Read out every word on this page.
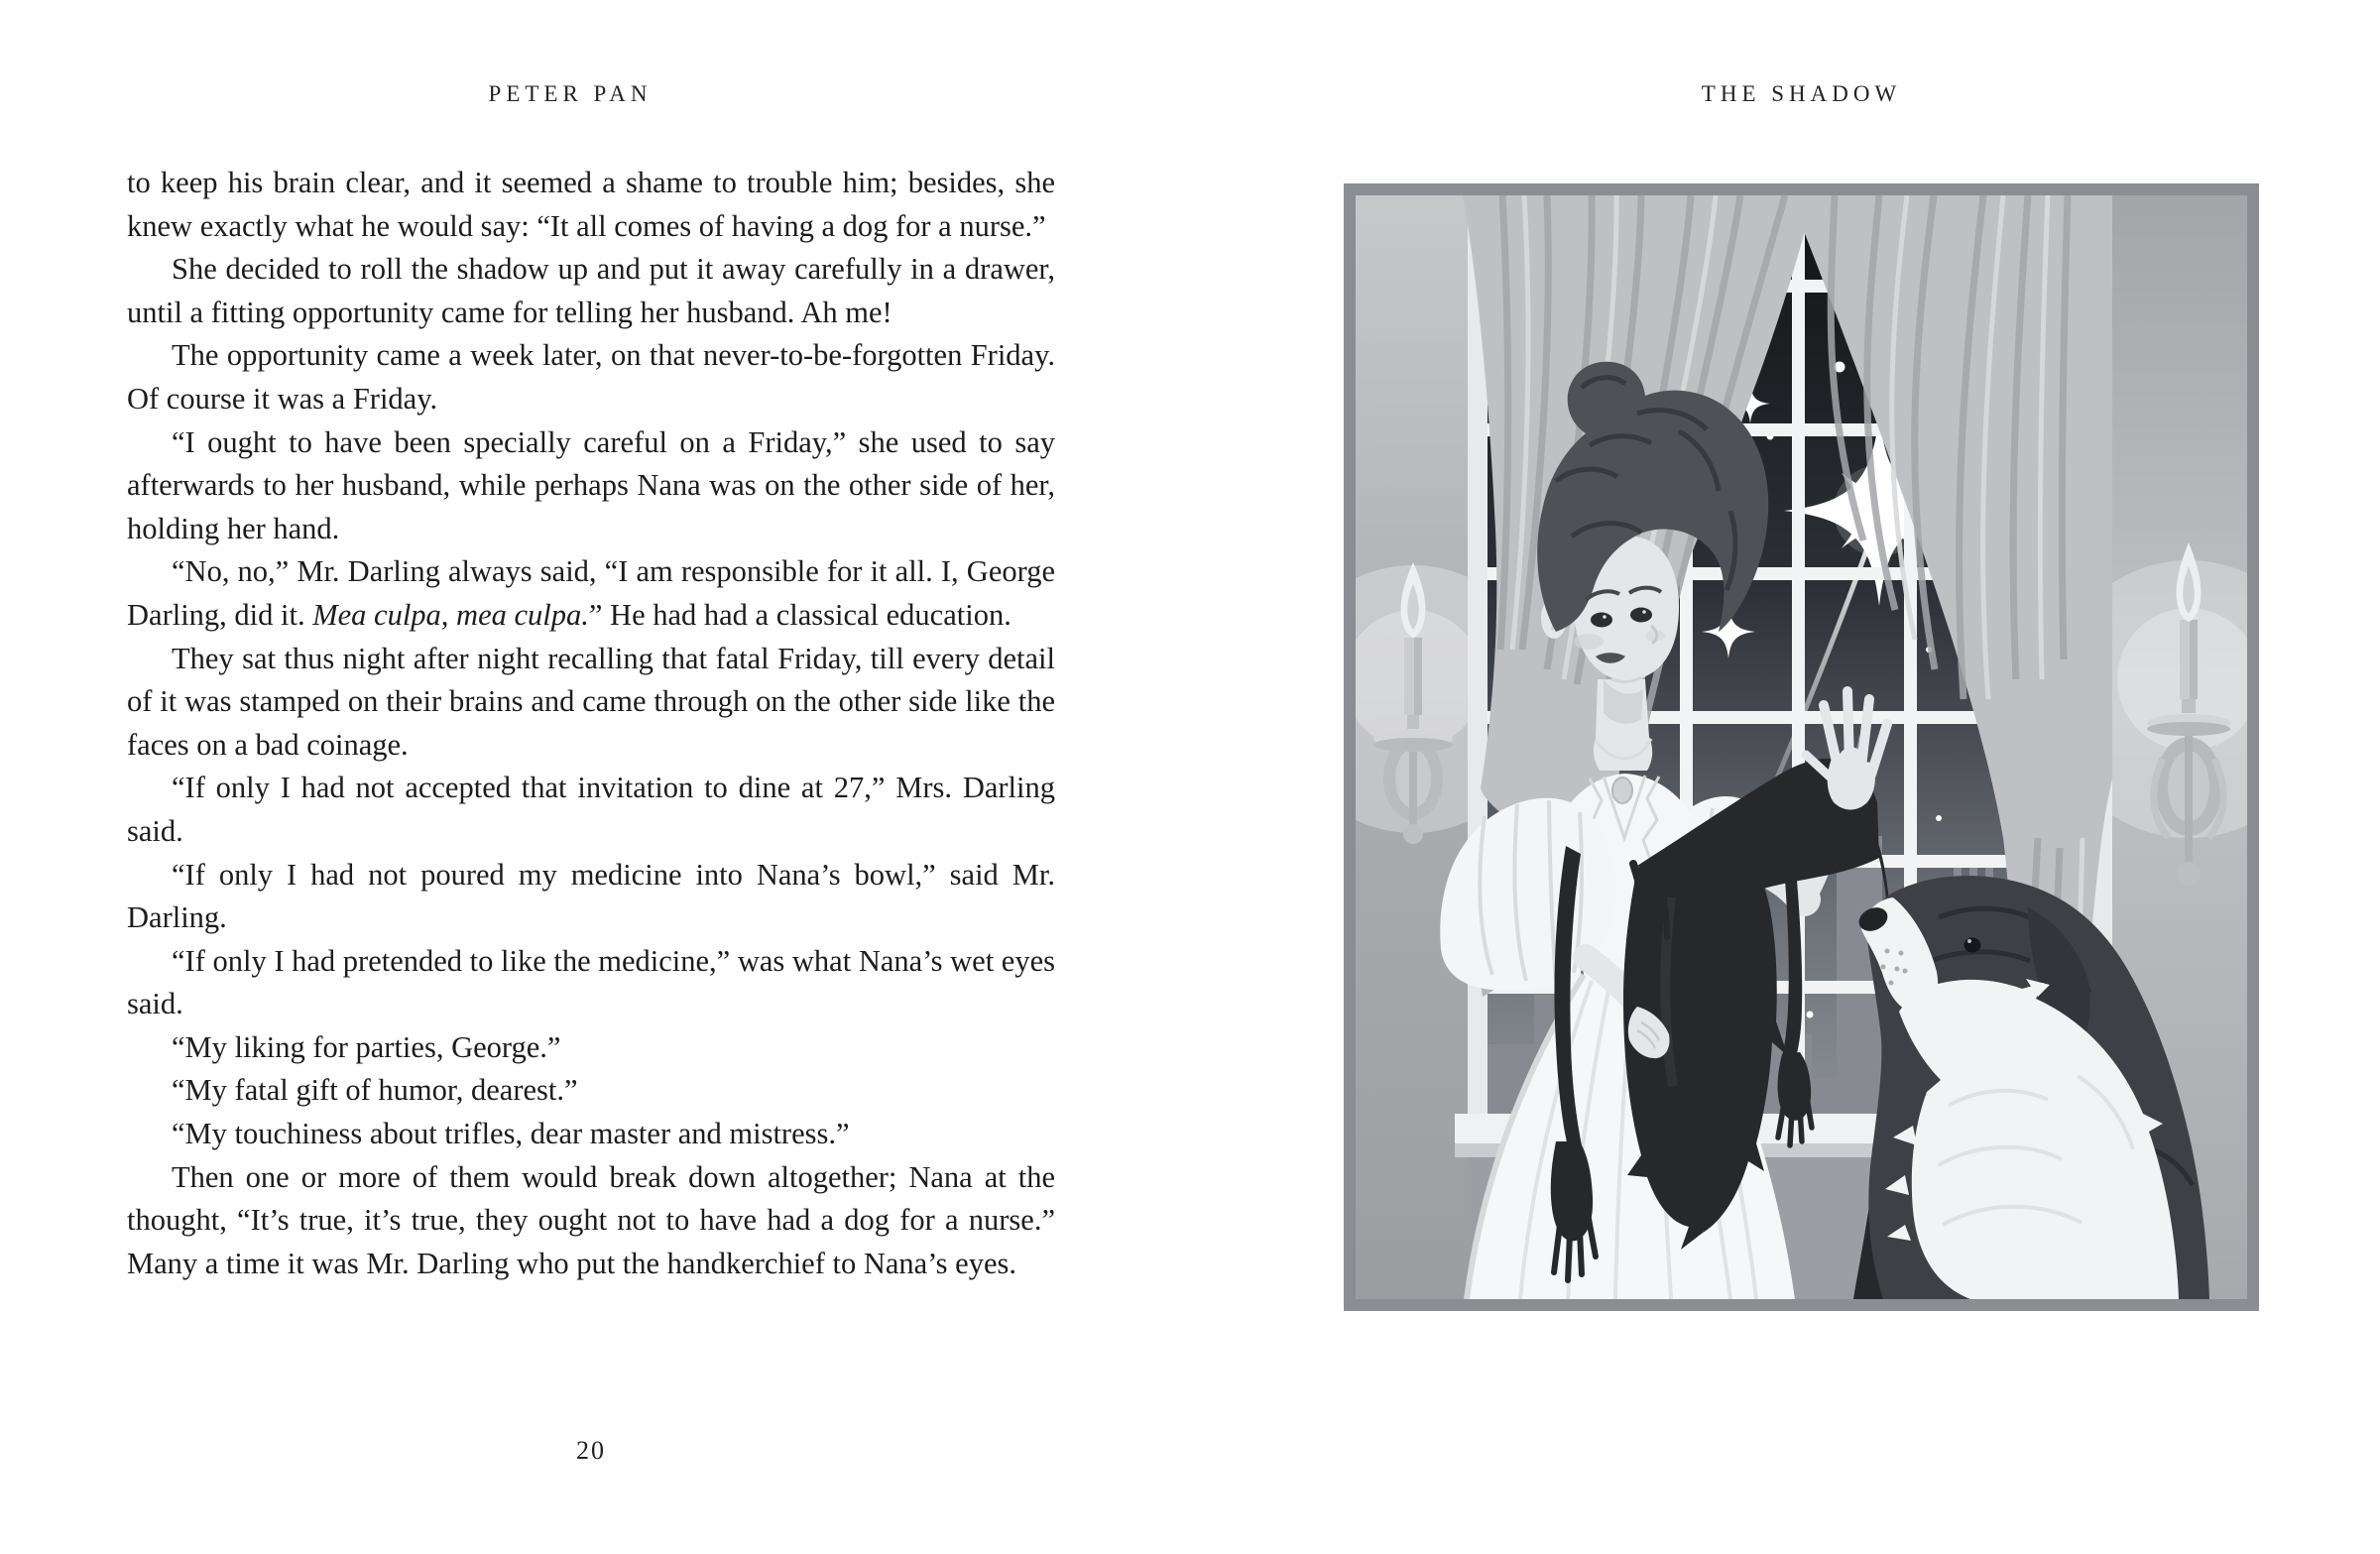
PETER PAN

to keep his brain clear, and it seemed a shame to trouble him; besides, she knew exactly what he would say: “It all comes of having a dog for a nurse.”

She decided to roll the shadow up and put it away carefully in a drawer, until a fitting opportunity came for telling her husband. Ah me!

The opportunity came a week later, on that never-to-be-forgotten Friday. Of course it was a Friday.

“I ought to have been specially careful on a Friday,” she used to say afterwards to her husband, while perhaps Nana was on the other side of her, holding her hand.

“No, no,” Mr. Darling always said, “I am responsible for it all. I, George Darling, did it. Mea culpa, mea culpa.” He had had a classical education.

They sat thus night after night recalling that fatal Friday, till every detail of it was stamped on their brains and came through on the other side like the faces on a bad coinage.

“If only I had not accepted that invitation to dine at 27,” Mrs. Darling said.

“If only I had not poured my medicine into Nana’s bowl,” said Mr. Darling.

“If only I had pretended to like the medicine,” was what Nana’s wet eyes said.

“My liking for parties, George.”

“My fatal gift of humor, dearest.”

“My touchiness about trifles, dear master and mistress.”

Then one or more of them would break down altogether; Nana at the thought, “It’s true, it’s true, they ought not to have had a dog for a nurse.” Many a time it was Mr. Darling who put the handkerchief to Nana’s eyes.

20
THE SHADOW
